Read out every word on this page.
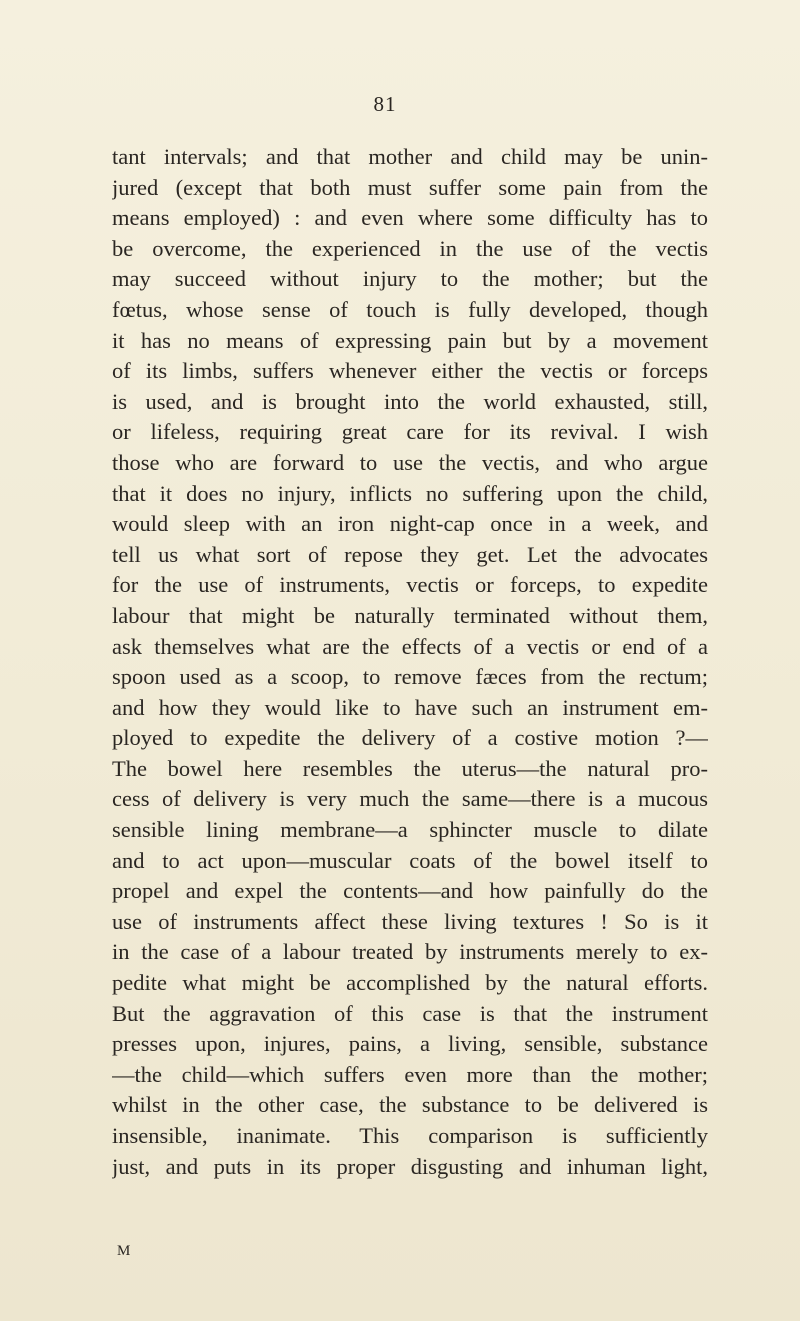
81
tant intervals; and that mother and child may be unin-
jured (except that both must suffer some pain from the
means employed) : and even where some difficulty has to
be overcome, the experienced in the use of the vectis
may succeed without injury to the mother; but the
fœtus, whose sense of touch is fully developed, though
it has no means of expressing pain but by a movement
of its limbs, suffers whenever either the vectis or forceps
is used, and is brought into the world exhausted, still,
or lifeless, requiring great care for its revival. I wish
those who are forward to use the vectis, and who argue
that it does no injury, inflicts no suffering upon the child,
would sleep with an iron night-cap once in a week, and
tell us what sort of repose they get. Let the advocates
for the use of instruments, vectis or forceps, to expedite
labour that might be naturally terminated without them,
ask themselves what are the effects of a vectis or end of a
spoon used as a scoop, to remove fæces from the rectum;
and how they would like to have such an instrument em-
ployed to expedite the delivery of a costive motion ?—
The bowel here resembles the uterus—the natural pro-
cess of delivery is very much the same—there is a mucous
sensible lining membrane—a sphincter muscle to dilate
and to act upon—muscular coats of the bowel itself to
propel and expel the contents—and how painfully do the
use of instruments affect these living textures ! So is it
in the case of a labour treated by instruments merely to ex-
pedite what might be accomplished by the natural efforts.
But the aggravation of this case is that the instrument
presses upon, injures, pains, a living, sensible, substance
—the child—which suffers even more than the mother;
whilst in the other case, the substance to be delivered is
insensible, inanimate. This comparison is sufficiently
just, and puts in its proper disgusting and inhuman light,
M
